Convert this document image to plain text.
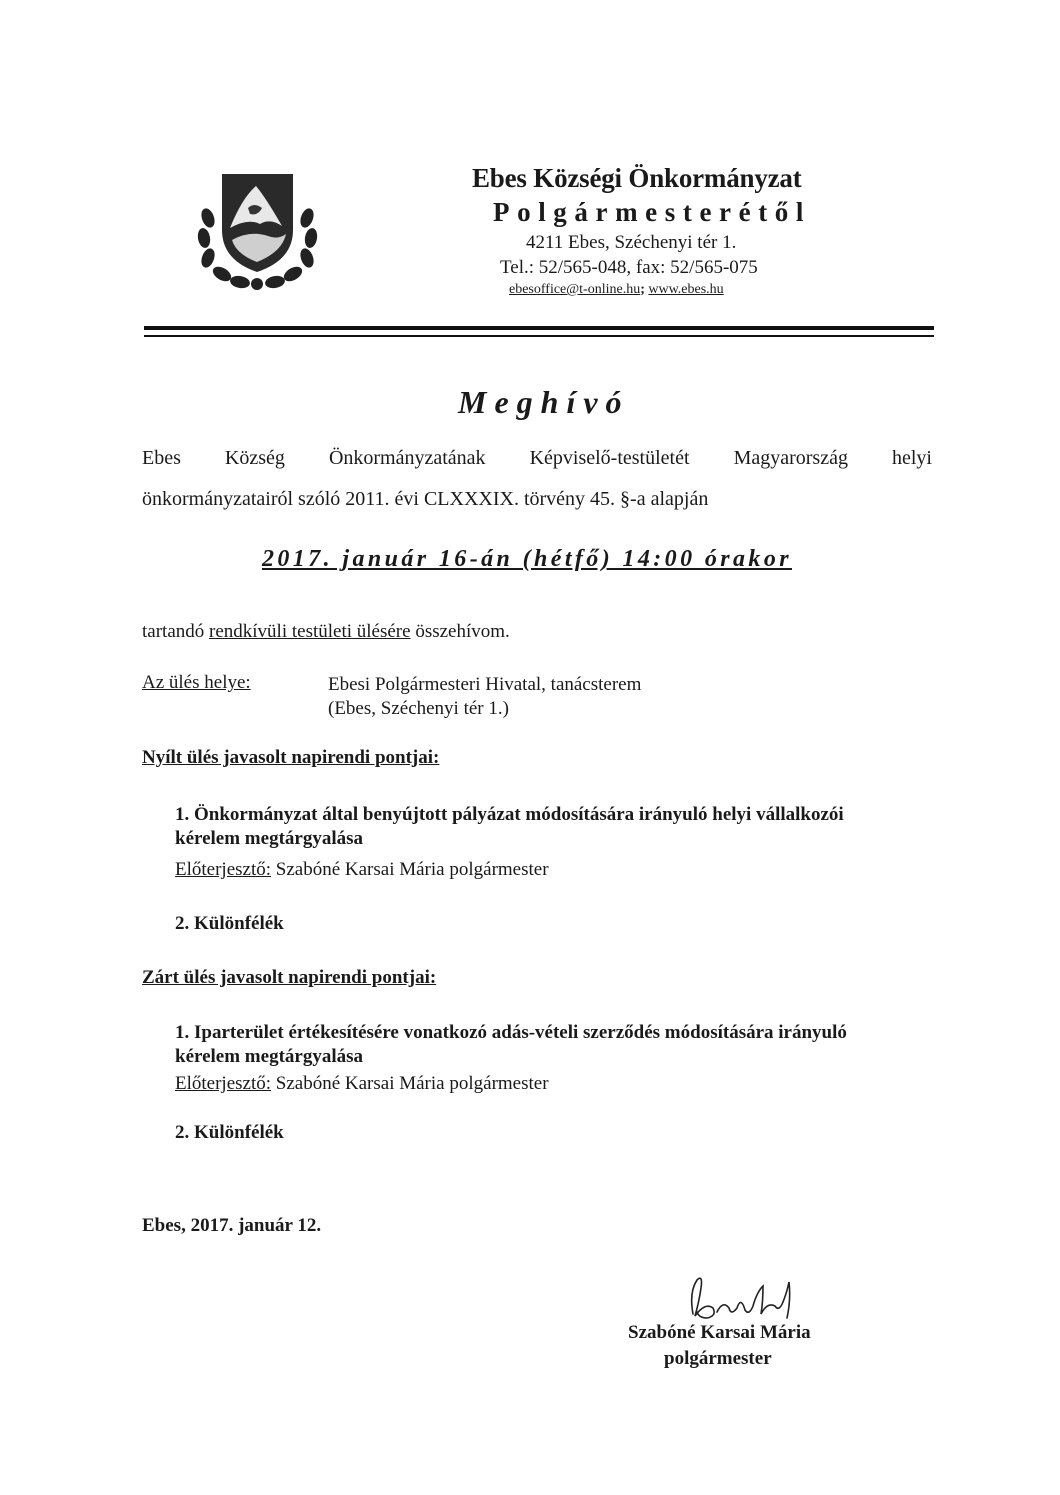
Ebes Községi Önkormányzat
Polgármesterétől
4211 Ebes, Széchenyi tér 1.
Tel.: 52/565-048, fax: 52/565-075
ebesoffice@t-online.hu; www.ebes.hu
Meghívó
Ebes Község Önkormányzatának Képviselő-testületét Magyarország helyi
önkormányzatairól szóló 2011. évi CLXXXIX. törvény 45. §-a alapján
2017. január 16-án (hétfő) 14:00 órakor
tartandó rendkívüli testületi ülésére összehívom.
Az ülés helye:	Ebesi Polgármesteri Hivatal, tanácsterem
(Ebes, Széchenyi tér 1.)
Nyílt ülés javasolt napirendi pontjai:
1. Önkormányzat által benyújtott pályázat módosítására irányuló helyi vállalkozói
kérelem megtárgyalása
Előterjesztő: Szabóné Karsai Mária polgármester
2. Különfélék
Zárt ülés javasolt napirendi pontjai:
1. Iparterület értékesítésére vonatkozó adás-vételi szerződés módosítására irányuló
kérelem megtárgyalása
Előterjesztő: Szabóné Karsai Mária polgármester
2. Különfélék
Ebes, 2017. január 12.
Szabóné Karsai Mária
polgármester
